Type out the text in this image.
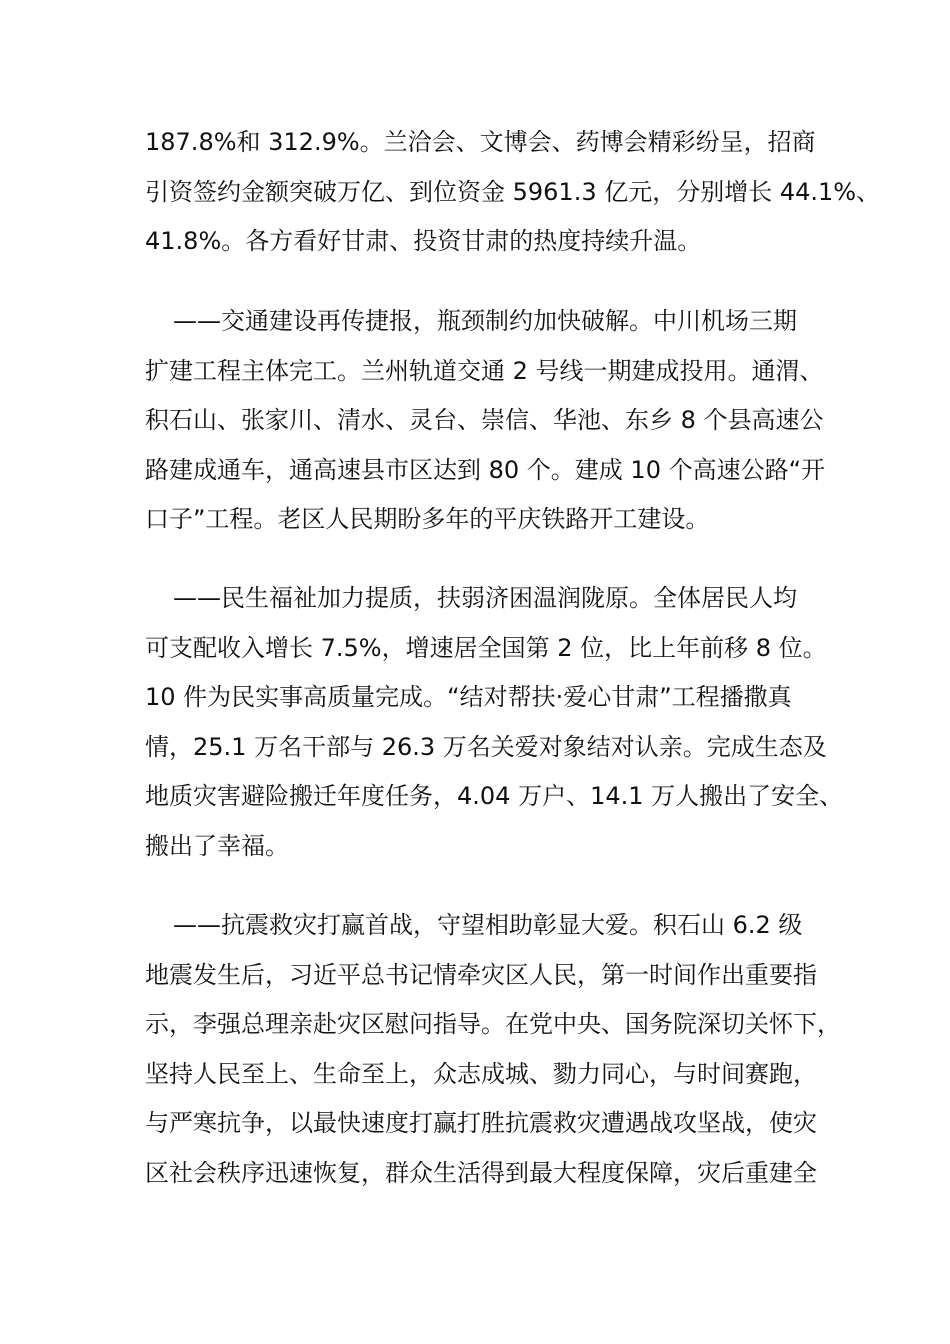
187.8%和 312.9%。兰洽会、文博会、药博会精彩纷呈，招商
引资签约金额突破万亿、到位资金 5961.3 亿元，分别增长 44.1%、
41.8%。各方看好甘肃、投资甘肃的热度持续升温。
——交通建设再传捷报，瓶颈制约加快破解。中川机场三期
扩建工程主体完工。兰州轨道交通 2 号线一期建成投用。通渭、
积石山、张家川、清水、灵台、崇信、华池、东乡 8 个县高速公
路建成通车，通高速县市区达到 80 个。建成 10 个高速公路“开
口子”工程。老区人民期盼多年的平庆铁路开工建设。
——民生福祉加力提质，扶弱济困温润陇原。全体居民人均
可支配收入增长 7.5%，增速居全国第 2 位，比上年前移 8 位。
10 件为民实事高质量完成。“结对帮扶·爱心甘肃”工程播撒真
情，25.1 万名干部与 26.3 万名关爱对象结对认亲。完成生态及
地质灾害避险搬迁年度任务，4.04 万户、14.1 万人搬出了安全、
搬出了幸福。
——抗震救灾打赢首战，守望相助彰显大爱。积石山 6.2 级
地震发生后，习近平总书记情牵灾区人民，第一时间作出重要指
示，李强总理亲赴灾区慰问指导。在党中央、国务院深切关怀下，
坚持人民至上、生命至上，众志成城、勠力同心，与时间赛跑，
与严寒抗争，以最快速度打赢打胜抗震救灾遭遇战攻坚战，使灾
区社会秩序迅速恢复，群众生活得到最大程度保障，灾后重建全
